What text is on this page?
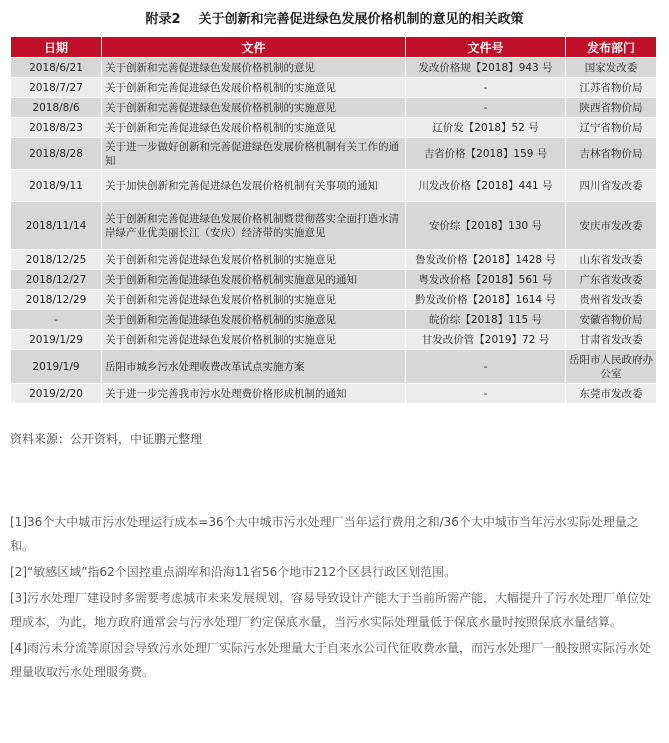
附录2 关于创新和完善促进绿色发展价格机制的意见的相关政策
日期	文件	文件号	发布部门
2018/6/21	关于创新和完善促进绿色发展价格机制的意见	发改价格规【2018】943 号	国家发改委
2018/7/27	关于创新和完善促进绿色发展价格机制的实施意见	-	江苏省物价局
2018/8/6	关于创新和完善促进绿色发展价格机制的实施意见	-	陕西省物价局
2018/8/23	关于创新和完善促进绿色发展价格机制的实施意见	辽价发【2018】52 号	辽宁省物价局
2018/8/28	关于进一步做好创新和完善促进绿色发展价格机制有关工作的通知	吉省价格【2018】159 号	吉林省物价局
2018/9/11	关于加快创新和完善促进绿色发展价格机制有关事项的通知	川发改价格【2018】441 号	四川省发改委
2018/11/14	关于创新和完善促进绿色发展价格机制暨贯彻落实全面打造水清岸绿产业优美丽长江（安庆）经济带的实施意见	安价综【2018】130 号	安庆市发改委
2018/12/25	关于创新和完善促进绿色发展价格机制的实施意见	鲁发改价格【2018】1428 号	山东省发改委
2018/12/27	关于创新和完善促进绿色发展价格机制实施意见的通知	粤发改价格【2018】561 号	广东省发改委
2018/12/29	关于创新和完善促进绿色发展价格机制的实施意见	黔发改价格【2018】1614 号	贵州省发改委
-	关于创新和完善促进绿色发展价格机制的实施意见	皖价综【2018】115 号	安徽省物价局
2019/1/29	关于创新和完善促进绿色发展价格机制的实施意见	甘发改价管【2019】72 号	甘肃省发改委
2019/1/9	岳阳市城乡污水处理收费改革试点实施方案	-	岳阳市人民政府办公室
2019/2/20	关于进一步完善我市污水处理费价格形成机制的通知	-	东莞市发改委
资料来源：公开资料，中证鹏元整理

[1]36个大中城市污水处理运行成本=36个大中城市污水处理厂当年运行费用之和/36个大中城市当年污水实际处理量之和。

[2]“敏感区域”指62个国控重点湖库和沿海11省56个地市212个区县行政区划范围。

[3]污水处理厂建设时多需要考虑城市未来发展规划，容易导致设计产能大于当前所需产能，大幅提升了污水处理厂单位处理成本，为此，地方政府通常会与污水处理厂约定保底水量，当污水实际处理量低于保底水量时按照保底水量结算。

[4]雨污未分流等原因会导致污水处理厂实际污水处理量大于自来水公司代征收费水量，而污水处理厂一般按照实际污水处理量收取污水处理服务费。
